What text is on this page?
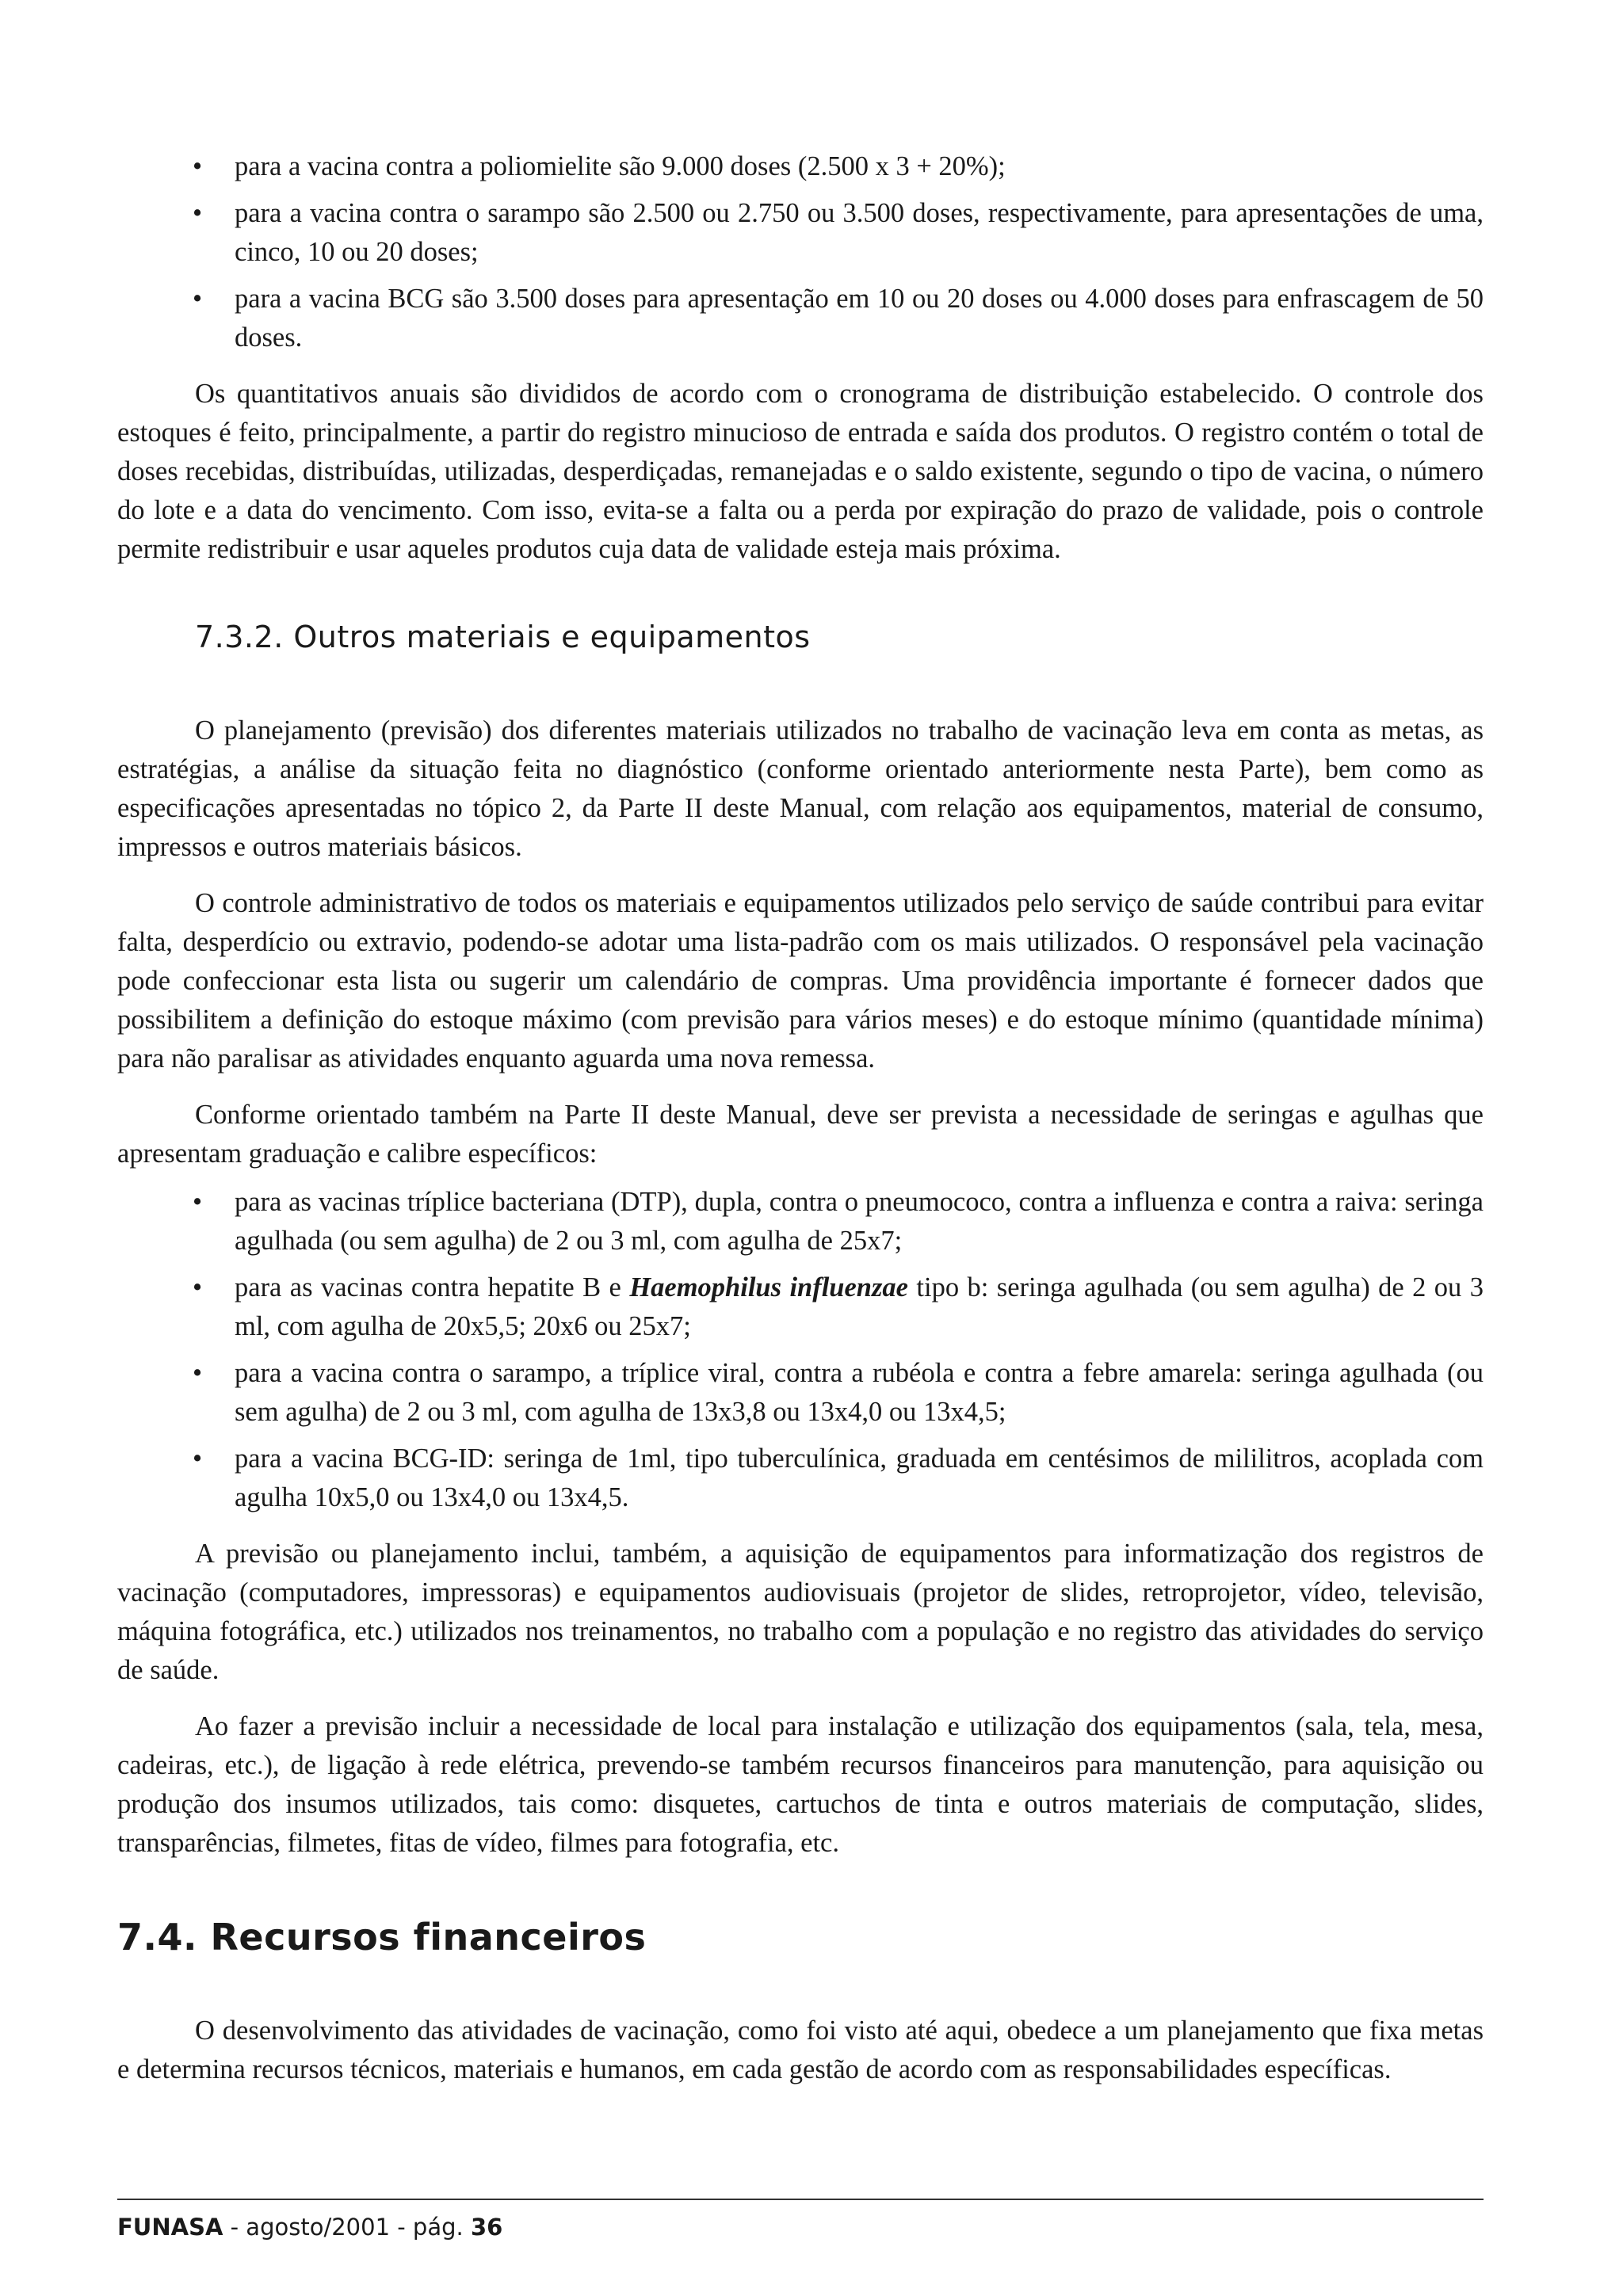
• para a vacina contra a poliomielite são 9.000 doses (2.500 x 3 + 20%);
• para a vacina contra o sarampo são 2.500 ou 2.750 ou 3.500 doses, respectivamente, para apresentações de uma, cinco, 10 ou 20 doses;
• para a vacina BCG são 3.500 doses para apresentação em 10 ou 20 doses ou 4.000 doses para enfrascagem de 50 doses.

Os quantitativos anuais são divididos de acordo com o cronograma de distribuição estabelecido. O controle dos estoques é feito, principalmente, a partir do registro minucioso de entrada e saída dos produtos. O registro contém o total de doses recebidas, distribuídas, utilizadas, desperdiçadas, remanejadas e o saldo existente, segundo o tipo de vacina, o número do lote e a data do vencimento. Com isso, evita-se a falta ou a perda por expiração do prazo de validade, pois o controle permite redistribuir e usar aqueles produtos cuja data de validade esteja mais próxima.

7.3.2. Outros materiais e equipamentos

O planejamento (previsão) dos diferentes materiais utilizados no trabalho de vacinação leva em conta as metas, as estratégias, a análise da situação feita no diagnóstico (conforme orientado anteriormente nesta Parte), bem como as especificações apresentadas no tópico 2, da Parte II deste Manual, com relação aos equipamentos, material de consumo, impressos e outros materiais básicos.

O controle administrativo de todos os materiais e equipamentos utilizados pelo serviço de saúde contribui para evitar falta, desperdício ou extravio, podendo-se adotar uma lista-padrão com os mais utilizados. O responsável pela vacinação pode confeccionar esta lista ou sugerir um calendário de compras. Uma providência importante é fornecer dados que possibilitem a definição do estoque máximo (com previsão para vários meses) e do estoque mínimo (quantidade mínima) para não paralisar as atividades enquanto aguarda uma nova remessa.

Conforme orientado também na Parte II deste Manual, deve ser prevista a necessidade de seringas e agulhas que apresentam graduação e calibre específicos:

• para as vacinas tríplice bacteriana (DTP), dupla, contra o pneumococo, contra a influenza e contra a raiva: seringa agulhada (ou sem agulha) de 2 ou 3 ml, com agulha de 25x7;
• para as vacinas contra hepatite B e Haemophilus influenzae tipo b: seringa agulhada (ou sem agulha) de 2 ou 3 ml, com agulha de 20x5,5; 20x6 ou 25x7;
• para a vacina contra o sarampo, a tríplice viral, contra a rubéola e contra a febre amarela: seringa agulhada (ou sem agulha) de 2 ou 3 ml, com agulha de 13x3,8 ou 13x4,0 ou 13x4,5;
• para a vacina BCG-ID: seringa de 1ml, tipo tuberculínica, graduada em centésimos de mililitros, acoplada com agulha 10x5,0 ou 13x4,0 ou 13x4,5.

A previsão ou planejamento inclui, também, a aquisição de equipamentos para informatização dos registros de vacinação (computadores, impressoras) e equipamentos audiovisuais (projetor de slides, retroprojetor, vídeo, televisão, máquina fotográfica, etc.) utilizados nos treinamentos, no trabalho com a população e no registro das atividades do serviço de saúde.

Ao fazer a previsão incluir a necessidade de local para instalação e utilização dos equipamentos (sala, tela, mesa, cadeiras, etc.), de ligação à rede elétrica, prevendo-se também recursos financeiros para manutenção, para aquisição ou produção dos insumos utilizados, tais como: disquetes, cartuchos de tinta e outros materiais de computação, slides, transparências, filmetes, fitas de vídeo, filmes para fotografia, etc.

7.4. Recursos financeiros

O desenvolvimento das atividades de vacinação, como foi visto até aqui, obedece a um planejamento que fixa metas e determina recursos técnicos, materiais e humanos, em cada gestão de acordo com as responsabilidades específicas.

FUNASA - agosto/2001 - pág. 36
